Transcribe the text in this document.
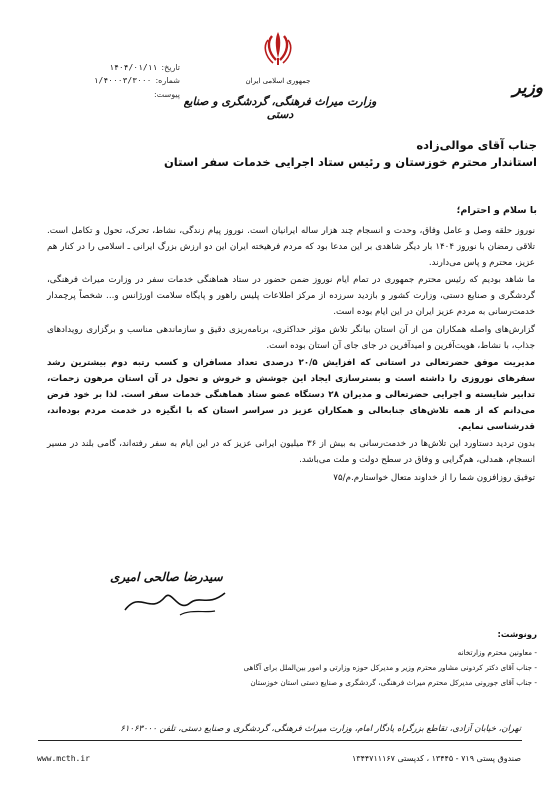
جمهوری اسلامی ایران
وزارت میراث فرهنگی، گردشگری و صنایع دستی
وزیر
تاریخ:
۱۴۰۴/۰۱/۱۱
شماره:
۱/۴۰۰۰۳/۳۰۰۰
پیوست:
جناب آقای موالی‌زاده
استاندار محترم خوزستان و رئیس ستاد اجرایی خدمات سفر استان
با سلام و احترام؛

نوروز حلقه وصل و عامل وفاق، وحدت و انسجام چند هزار ساله ایرانیان است. نوروز پیام زندگی، نشاط، تحرک، تحول و تکامل است. تلاقی رمضان با نوروز ۱۴۰۴ بار دیگر شاهدی بر این مدعا بود که مردم فرهیخته ایران این دو ارزش بزرگ ایرانی ـ اسلامی را در کنار هم عزیز، محترم و پاس می‌دارند.

ما شاهد بودیم که رئیس محترم جمهوری در تمام ایام نوروز ضمن حضور در ستاد هماهنگی خدمات سفر در وزارت میراث فرهنگی، گردشگری و صنایع دستی، وزارت کشور و بازدید سرزده از مرکز اطلاعات پلیس راهور و پایگاه سلامت اورژانس و... شخصاً پرچمدار خدمت‌رسانی به مردم عزیز ایران در این ایام بوده است.

گزارش‌های واصله همکاران من از آن استان بیانگر تلاش مؤثر حداکثری، برنامه‌ریزی دقیق و سازماندهی مناسب و برگزاری رویدادهای جذاب، با نشاط، هویت‌آفرین و امیدآفرین در جای جای آن استان بوده است.

مدیریت موفق حضرتعالی در استانی که افزایش ۲۰/۵ درصدی تعداد مسافران و کسب رتبه دوم بیشترین رشد سفرهای نوروزی را داشته است و بسترسازی ایجاد این جوشش و خروش و تحول در آن استان مرهون زحمات، تدابیر شایسته و اجرایی حضرتعالی و مدیران ۲۸ دستگاه عضو ستاد هماهنگی خدمات سفر است. لذا بر خود فرض می‌دانم که از همه تلاش‌های جنابعالی و همکاران عزیز در سراسر استان که با انگیزه در خدمت مردم بوده‌اند، قدرشناسی نمایم.

بدون تردید دستاورد این تلاش‌ها در خدمت‌رسانی به بیش از ۳۶ میلیون ایرانی عزیز که در این ایام به سفر رفته‌اند، گامی بلند در مسیر انسجام، همدلی، هم‌گرایی و وفاق در سطح دولت و ملت می‌باشد.

توفیق روزافزون شما را از خداوند متعال خواستارم.م/۷۵

سیدرضا صالحی امیری
رونوشت:
- معاونین محترم وزارتخانه
- جناب آقای دکتر کردونی مشاور محترم وزیر و مدیرکل حوزه وزارتی و امور بین‌الملل برای آگاهی
- جناب آقای جورونی مدیرکل محترم میراث فرهنگی، گردشگری و صنایع دستی استان خوزستان
تهران، خیابان آزادی، تقاطع بزرگراه یادگار امام، وزارت میراث فرهنگی، گردشگری و صنایع دستی، تلفن ۶۱۰۶۳۰۰۰
صندوق پستی ۷۱۹ - ۱۳۴۴۵ ، کدپستی ۱۳۴۴۷۱۱۱۶۷
www.mcth.ir
